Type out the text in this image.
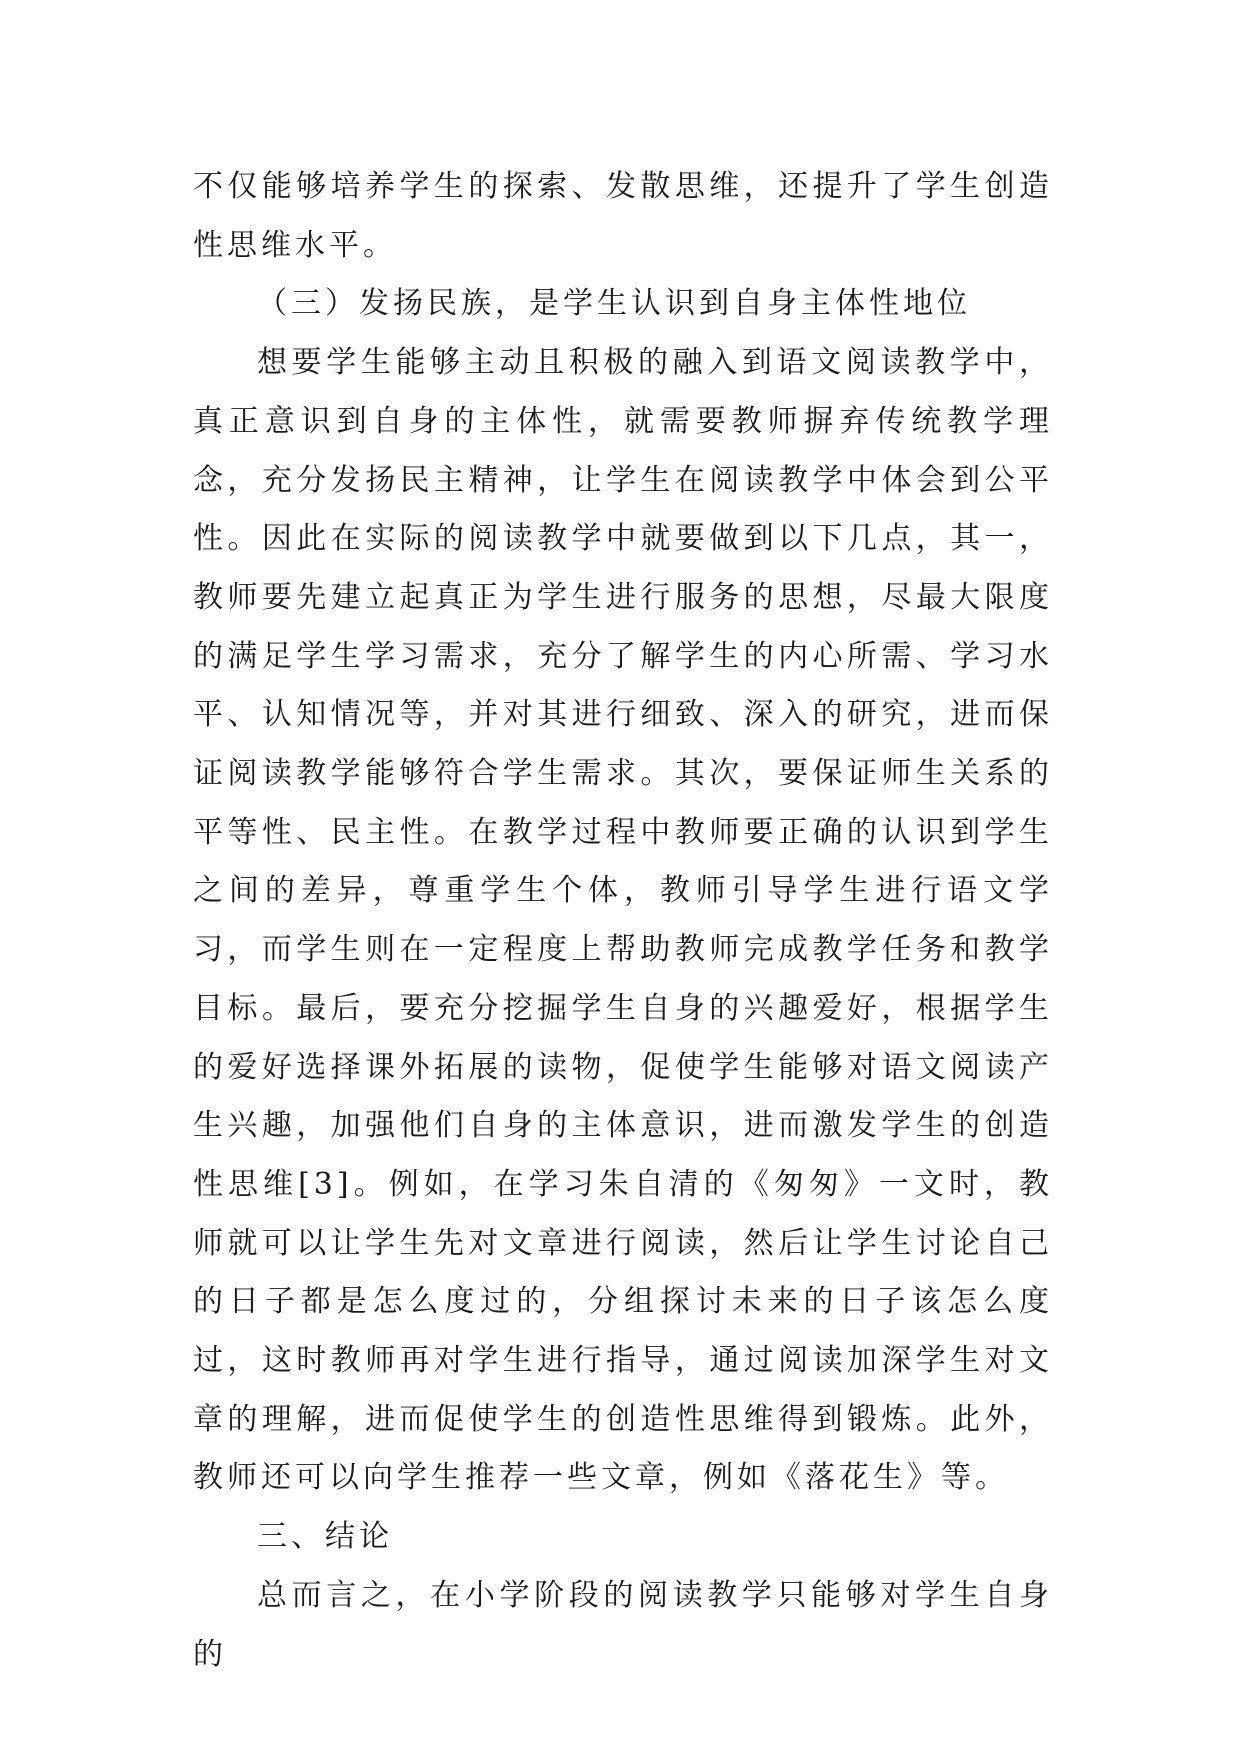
不仅能够培养学生的探索、发散思维，还提升了学生创造性思维水平。

（三）发扬民族，是学生认识到自身主体性地位

想要学生能够主动且积极的融入到语文阅读教学中，真正意识到自身的主体性，就需要教师摒弃传统教学理念，充分发扬民主精神，让学生在阅读教学中体会到公平性。因此在实际的阅读教学中就要做到以下几点，其一，教师要先建立起真正为学生进行服务的思想，尽最大限度的满足学生学习需求，充分了解学生的内心所需、学习水平、认知情况等，并对其进行细致、深入的研究，进而保证阅读教学能够符合学生需求。其次，要保证师生关系的平等性、民主性。在教学过程中教师要正确的认识到学生之间的差异，尊重学生个体，教师引导学生进行语文学习，而学生则在一定程度上帮助教师完成教学任务和教学目标。最后，要充分挖掘学生自身的兴趣爱好，根据学生的爱好选择课外拓展的读物，促使学生能够对语文阅读产生兴趣，加强他们自身的主体意识，进而激发学生的创造性思维[3]。例如，在学习朱自清的《匆匆》一文时，教师就可以让学生先对文章进行阅读，然后让学生讨论自己的日子都是怎么度过的，分组探讨未来的日子该怎么度过，这时教师再对学生进行指导，通过阅读加深学生对文章的理解，进而促使学生的创造性思维得到锻炼。此外，教师还可以向学生推荐一些文章，例如《落花生》等。

三、结论

总而言之，在小学阶段的阅读教学只能够对学生自身的
